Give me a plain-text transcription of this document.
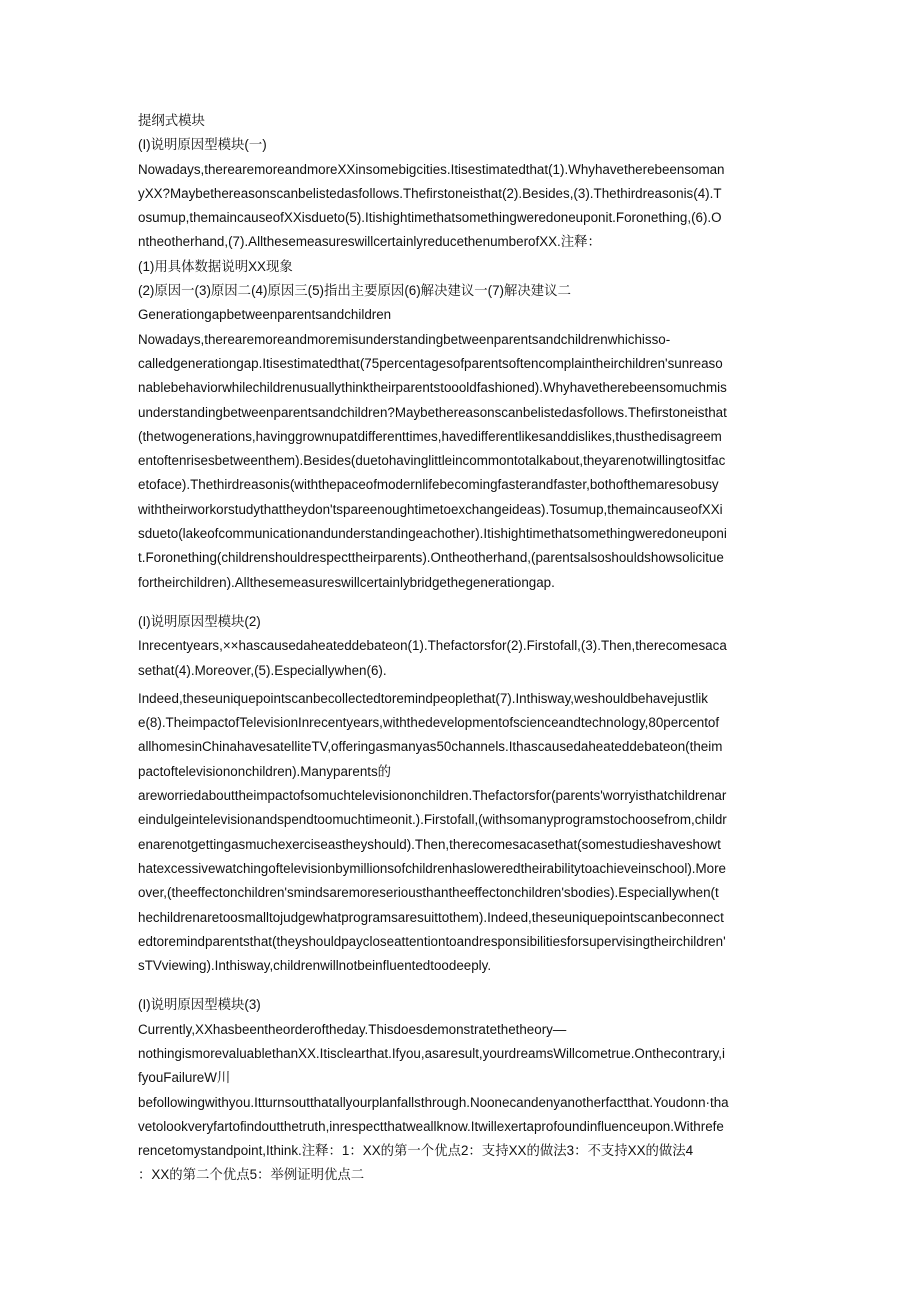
提纲式模块
(I)说明原因型模块(一)
Nowadays,therearemoreandmoreXXinsomebigcities.Itisestimatedthat(1).Whyhavetherebeensoman
yXX?Maybethereasonscanbelistedasfollows.Thefirstoneisthat(2).Besides,(3).Thethirdreasonis(4).T
osumup,themaincauseofXXisdueto(5).Itishightimethatsomethingweredoneuponit.Foronething,(6).O
ntheotherhand,(7).AllthesemeasureswillcertainlyreducethenumberofXX.注释：
(1)用具体数据说明XX现象
(2)原因一(3)原因二(4)原因三(5)指出主要原因(6)解决建议一(7)解决建议二
Generationgapbetweenparentsandchildren
Nowadays,therearemoreandmoremisunderstandingbetweenparentsandchildrenwhichisso-
calledgenerationgap.Itisestimatedthat(75percentagesofparentsoftencomplaintheirchildren'sunreaso
nablebehaviorwhilechildrenusuallythinktheirparentstoooldfashioned).Whyhavetherebeensomuchmis
understandingbetweenparentsandchildren?Maybethereasonscanbelistedasfollows.Thefirstoneisthat
(thetwogenerations,havinggrownupatdifferenttimes,havedifferentlikesanddislikes,thusthedisagreem
entoftenrisesbetweenthem).Besides(duetohavinglittleincommontotalkabout,theyarenotwillingtositfac
etoface).Thethirdreasonis(withthepaceofmodernlifebecomingfasterandfaster,bothofthemaresobusy
withtheirworkorstudythattheydon'tspareenoughtimetoexchangeideas).Tosumup,themaincauseofXXi
sdueto(lakeofcommunicationandunderstandingeachother).Itishightimethatsomethingweredoneuponi
t.Foronething(childrenshouldrespecttheirparents).Ontheotherhand,(parentsalsoshouldshowsolicitue
fortheirchildren).Allthesemeasureswillcertainlybridgethegenerationgap.
(I)说明原因型模块(2)
Inrecentyears,××hascausedaheateddebateon(1).Thefactorsfor(2).Firstofall,(3).Then,therecomesaca
sethat(4).Moreover,(5).Especiallywhen(6).
Indeed,theseuniquepointscanbecollectedtoremindpeoplethat(7).Inthisway,weshouldbehavejustlik
e(8).TheimpactofTelevisionInrecentyears,withthedevelopmentofscienceandtechnology,80percentof
allhomesinChinahavesatelliteTV,offeringasmanyas50channels.Ithascausedaheateddebateon(theim
pactoftelevisiononchildren).Manyparents的
areworriedabouttheimpactofsomuchtelevisiononchildren.Thefactorsfor(parents'worryisthatchildrenar
eindulgeintelevisionandspendtoomuchtimeonit.).Firstofall,(withsomanyprogramstochoosefrom,childr
enarenotgettingasmuchexerciseastheyshould).Then,therecomesacasethat(somestudieshaveshowt
hatexcessivewatchingoftelevisionbymillionsofchildrenhasloweredtheirabilitytoachieveinschool).More
over,(theeffectonchildren'smindsaremoreseriousthantheeffectonchildren'sbodies).Especiallywhen(t
hechildrenaretoosmalltojudgewhatprogramsaresuittothem).Indeed,theseuniquepointscanbeconnect
edtoremindparentsthat(theyshouldpaycloseattentiontoandresponsibilitiesforsupervisingtheirchildren'
sTVviewing).Inthisway,childrenwillnotbeinfluentedtoodeeply.
(I)说明原因型模块(3)
Currently,XXhasbeentheorderoftheday.Thisdoesdemonstratethetheory—
nothingismorevaluablethanXX.Itisclearthat.Ifyou,asaresult,yourdreamsWillcometrue.Onthecontrary,i
fyouFailureW川
befollowingwithyou.Itturnsoutthatallyourplanfallsthrough.Noonecandenyanotherfactthat.Youdonn·tha
vetolookveryfartofindoutthetruth,inrespectthatweallknow.Itwillexertaprofoundinfluenceupon.Withrefe
rencetomystandpoint,Ithink.注释：1：XX的第一个优点2：支持XX的做法3：不支持XX的做法4
：XX的第二个优点5：举例证明优点二
